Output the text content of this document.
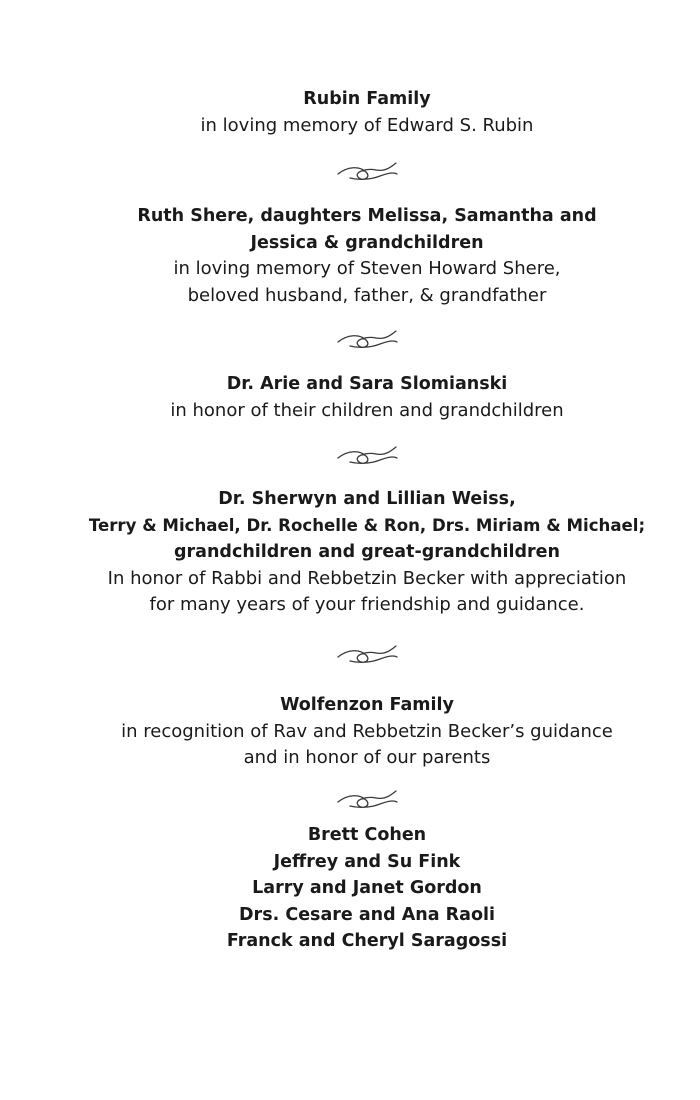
Rubin Family
in loving memory of Edward S. Rubin
Ruth Shere, daughters Melissa, Samantha and
Jessica & grandchildren
in loving memory of Steven Howard Shere,
beloved husband, father, & grandfather
Dr. Arie and Sara Slomianski
in honor of their children and grandchildren
Dr. Sherwyn and Lillian Weiss,
Terry & Michael, Dr. Rochelle & Ron, Drs. Miriam & Michael;
grandchildren and great-grandchildren
In honor of Rabbi and Rebbetzin Becker with appreciation
for many years of your friendship and guidance.
Wolfenzon Family
in recognition of Rav and Rebbetzin Becker’s guidance
and in honor of our parents
Brett Cohen
Jeffrey and Su Fink
Larry and Janet Gordon
Drs. Cesare and Ana Raoli
Franck and Cheryl Saragossi
